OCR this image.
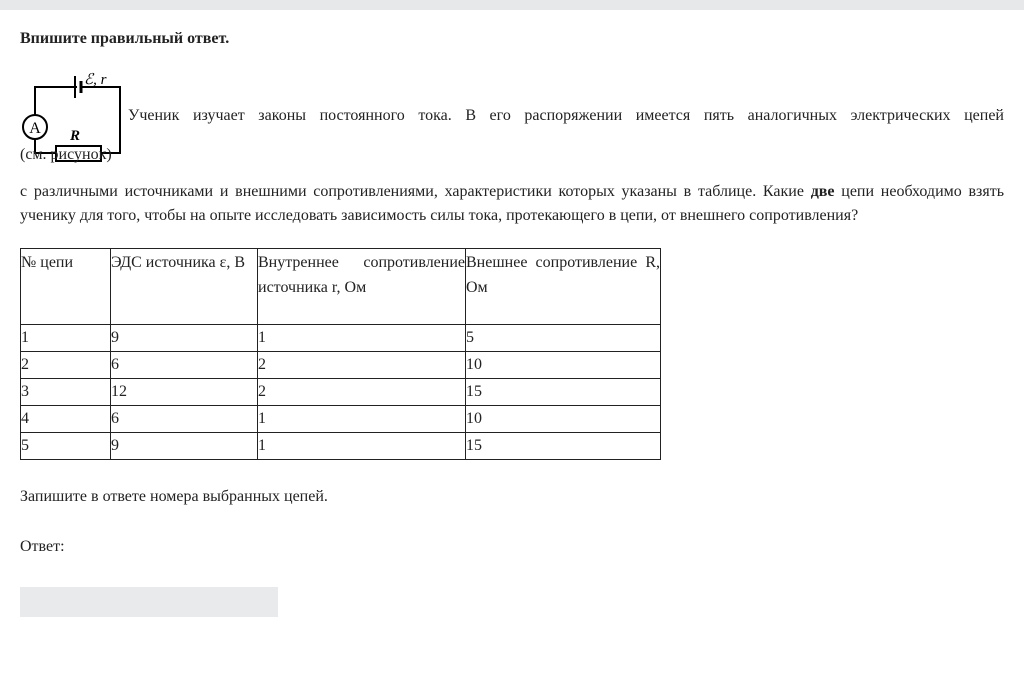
Впишите правильный ответ.
A R
ℰ, r
Ученик изучает законы постоянного тока. В его распоряжении имеется пять аналогичных электрических цепей
(см. рисунок)
с различными источниками и внешними сопротивлениями, характеристики которых указаны в таблице. Какие две цепи необходимо взять ученику для того, чтобы на опыте исследовать зависимость силы тока, протекающего в цепи, от внешнего сопротивления?
№ цепи	ЭДС источника ε, В	Внутреннее сопротивление источника r, Ом	Внешнее сопротивление R, Ом
1	9	1	5
2	6	2	10
3	12	2	15
4	6	1	10
5	9	1	15
Запишите в ответе номера выбранных цепей.
Ответ:
